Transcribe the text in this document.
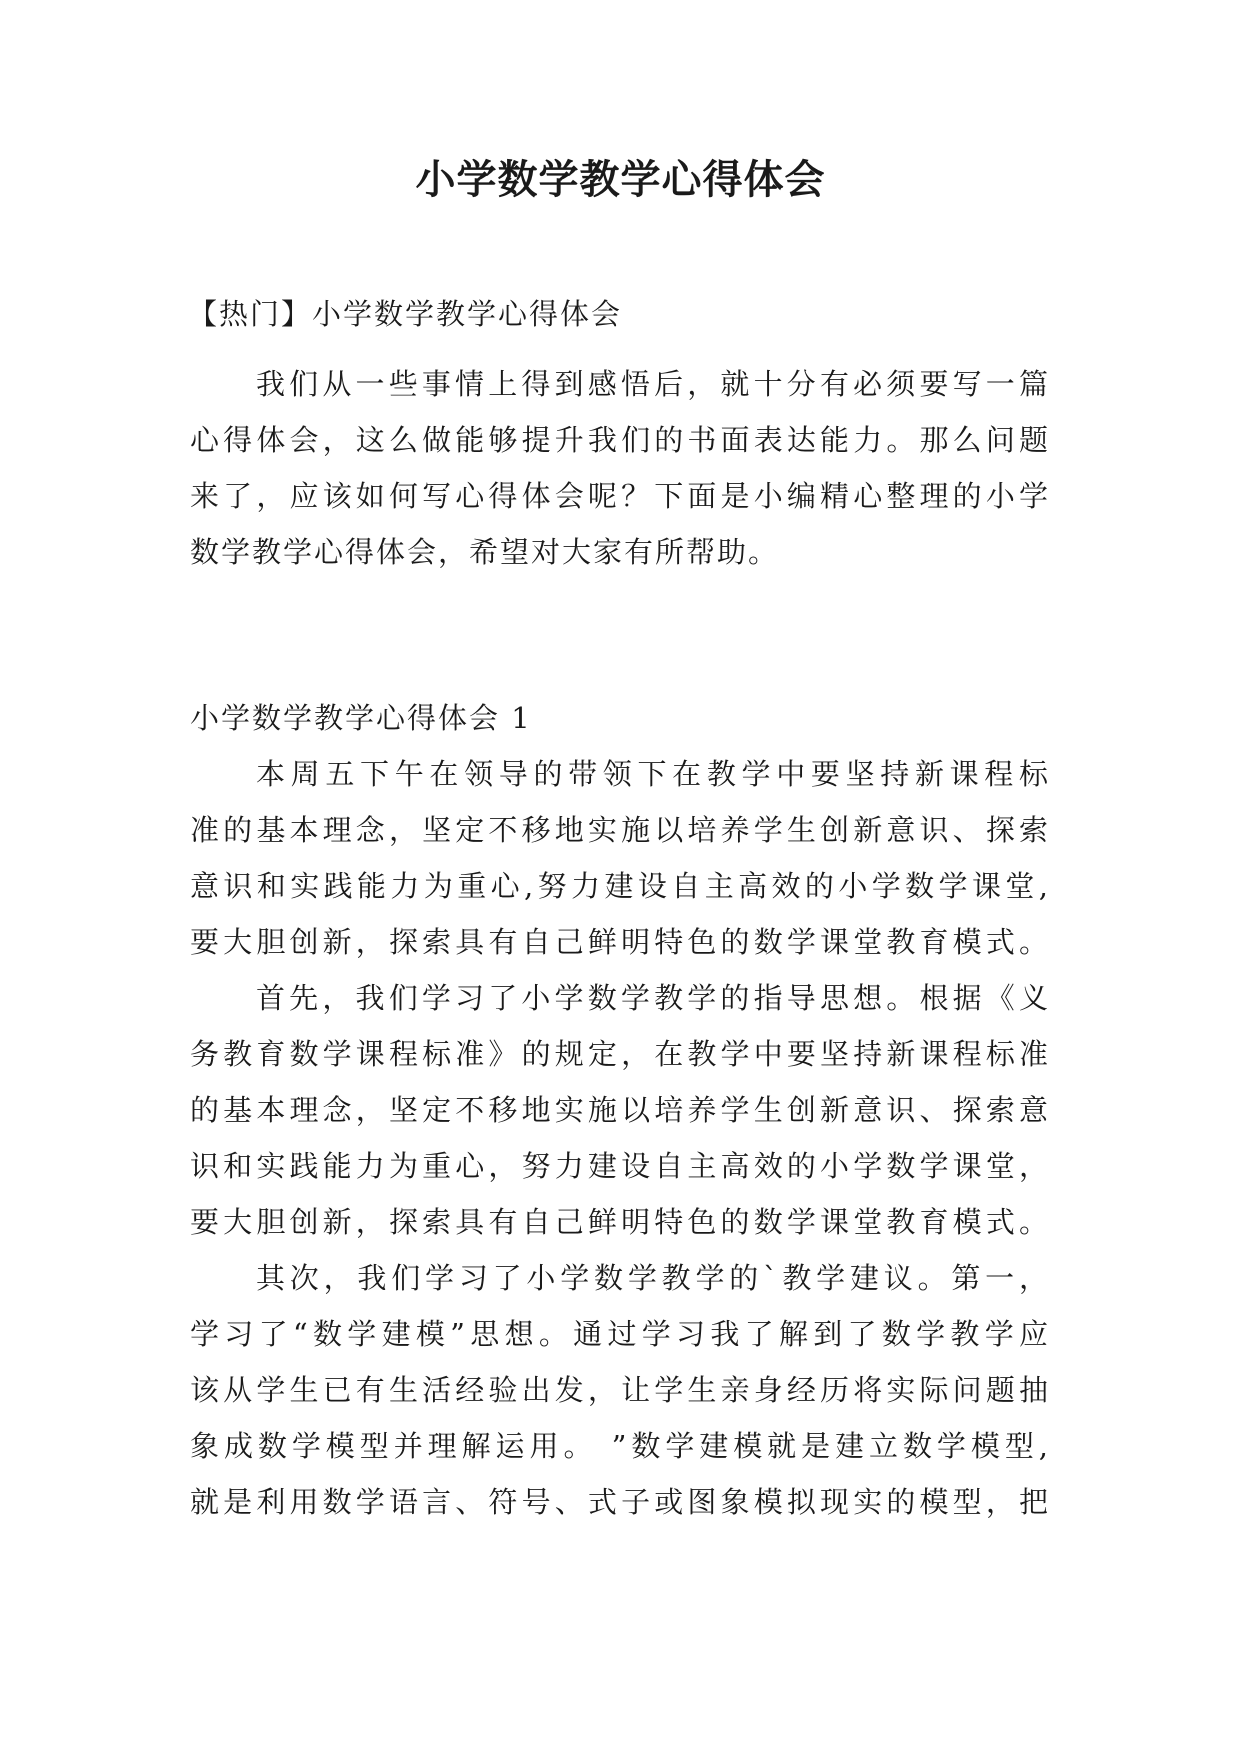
小学数学教学心得体会
【热门】小学数学教学心得体会
我们从一些事情上得到感悟后，就十分有必须要写一篇
心得体会，这么做能够提升我们的书面表达能力。那么问题
来了，应该如何写心得体会呢？下面是小编精心整理的小学
数学教学心得体会，希望对大家有所帮助。
小学数学教学心得体会 1
本周五下午在领导的带领下在教学中要坚持新课程标
准的基本理念，坚定不移地实施以培养学生创新意识、探索
意识和实践能力为重心,努力建设自主高效的小学数学课堂,
要大胆创新，探索具有自己鲜明特色的数学课堂教育模式。
首先，我们学习了小学数学教学的指导思想。根据《义
务教育数学课程标准》的规定，在教学中要坚持新课程标准
的基本理念，坚定不移地实施以培养学生创新意识、探索意
识和实践能力为重心，努力建设自主高效的小学数学课堂，
要大胆创新，探索具有自己鲜明特色的数学课堂教育模式。
其次，我们学习了小学数学教学的`教学建议。第一，
学习了“数学建模”思想。通过学习我了解到了数学教学应
该从学生已有生活经验出发，让学生亲身经历将实际问题抽
象成数学模型并理解运用。 ”数学建模就是建立数学模型,
就是利用数学语言、符号、式子或图象模拟现实的模型，把
